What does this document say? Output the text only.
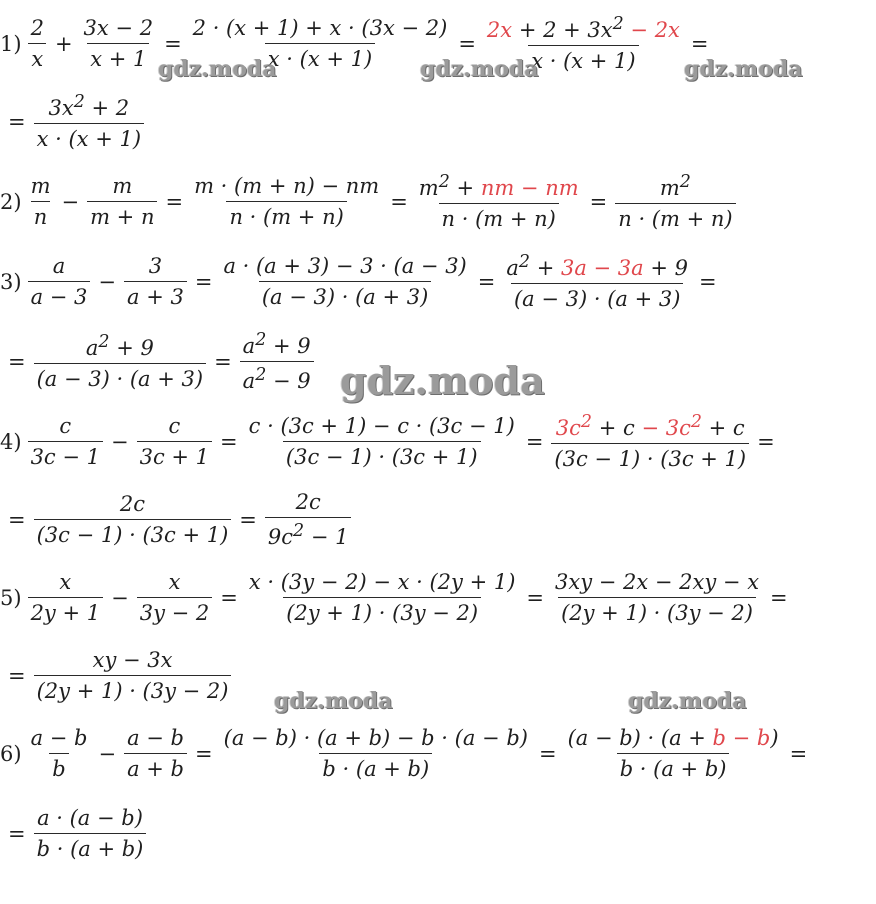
$1) \frac{2}{x} + \frac{3x - 2}{x + 1} = \frac{2 \cdot (x + 1) + x \cdot (3x - 2)}{x \cdot (x + 1)} = \frac{2x + 2 + 3x^2 - 2x}{x \cdot (x + 1)}$ =
= $\frac{3x^2 + 2}{x \cdot (x + 1)}$
$2) \frac{m}{n} - \frac{m}{m + n} = \frac{m \cdot (m + n) - nm}{n \cdot (m + n)} = \frac{m^2 + nm - nm}{n \cdot (m + n)} = \frac{m^2}{n \cdot (m + n)}$
$3) \frac{a}{a - 3} - \frac{3}{a + 3} = \frac{a \cdot (a + 3) - 3 \cdot (a - 3)}{(a - 3) \cdot (a + 3)} = \frac{a^2 + 3a - 3a + 9}{(a - 3) \cdot (a + 3)}$ =
= $\frac{a^2 + 9}{(a - 3) \cdot (a + 3)} = \frac{a^2 + 9}{a^2 - 9}$
$4) \frac{c}{3c - 1} - \frac{c}{3c + 1} = \frac{c \cdot (3c + 1) - c \cdot (3c - 1)}{(3c - 1) \cdot (3c + 1)} = \frac{3c^2 + c - 3c^2 + c}{(3c - 1) \cdot (3c + 1)}$ =
= $\frac{2c}{(3c - 1) \cdot (3c + 1)} = \frac{2c}{9c^2 - 1}$
$5) \frac{x}{2y + 1} - \frac{x}{3y - 2} = \frac{x \cdot (3y - 2) - x \cdot (2y + 1)}{(2y + 1) \cdot (3y - 2)} = \frac{3xy - 2x - 2xy - x}{(2y + 1) \cdot (3y - 2)}$ =
= $\frac{xy - 3x}{(2y + 1) \cdot (3y - 2)}$
$6) \frac{a - b}{b} - \frac{a - b}{a + b} = \frac{(a - b) \cdot (a + b) - b \cdot (a - b)}{b \cdot (a + b)} = \frac{(a - b) \cdot (a + b - b)}{b \cdot (a + b)}$ =
= $\frac{a \cdot (a - b)}{b \cdot (a + b)}$
gdz.moda	gdz.moda	gdz.moda
gdz.moda
gdz.moda	gdz.moda
